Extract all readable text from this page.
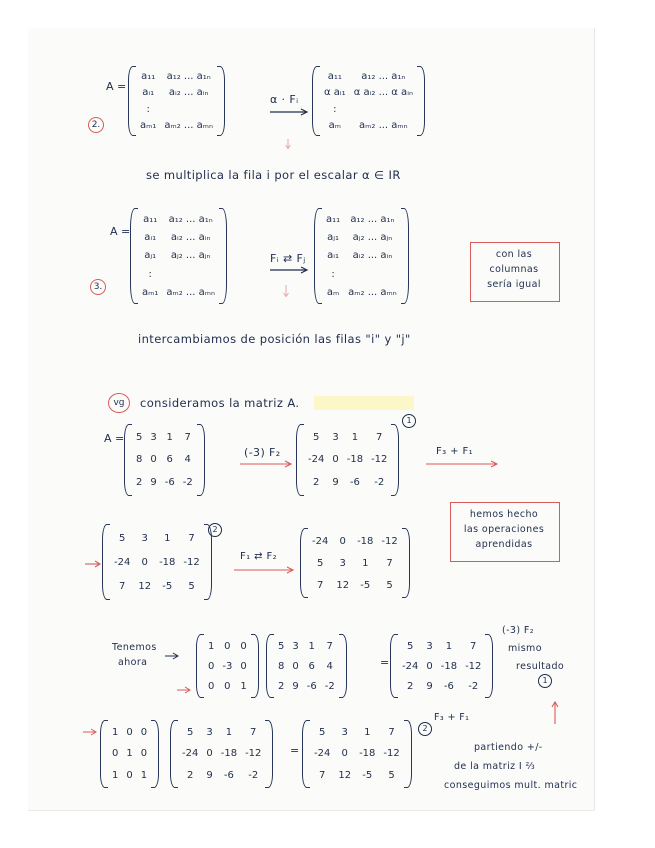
2.
A =
a₁₁ a₁₂ ... a₁ₙ
aᵢ₁ aᵢ₂ ... aᵢₙ
:
aₘ₁ aₘ₂ ... aₘₙ
α · Fᵢ
a₁₁ a₁₂ ... a₁ₙ
α aᵢ₁ α aᵢ₂ ... α aᵢₙ
:
aₘ aₘ₂ ... aₘₙ
se multiplica la fila i por el escalar α ∈ IR
3.
A =
a₁₁ a₁₂ ... a₁ₙ
aᵢ₁ aᵢ₂ ... aᵢₙ
aⱼ₁ aⱼ₂ ... aⱼₙ
:
aₘ₁ aₘ₂ ... aₘₙ
Fᵢ ⇄ Fⱼ
a₁₁ a₁₂ ... a₁ₙ
aⱼ₁ aⱼ₂ ... aⱼₙ
aᵢ₁ aᵢ₂ ... aᵢₙ
:
aₘ aₘ₂ ... aₘₙ
con las
columnas
sería igual
intercambiamos de posición las filas "i" y "j"
vg	consideramos la matriz A.
A = 5 3 1 7
8 0 6 4
2 9 -6 -2
(-3) F₂
5 3 1 7
-24 0 -18 -12
2 9 -6 -2
1
F₃ + F₁
5 3 1 7
-24 0 -18 -12
7 12 -5 5
2
F₁ ⇄ F₂
-24 0 -18 -12
5 3 1 7
7 12 -5 5
hemos hecho
las operaciones
aprendidas
Tenemos
ahora
1 0 0
0 -3 0
0 0 1
5 3 1 7
8 0 6 4
2 9 -6 -2
=
5 3 1 7
-24 0 -18 -12
2 9 -6 -2
(-3) F₂
mismo
resultado
1
1 0 0
0 1 0
1 0 1
5 3 1 7
-24 0 -18 -12
2 9 -6 -2
=
5 3 1 7
-24 0 -18 -12
7 12 -5 5
2
F₃ + F₁
partiendo +/-
de la matriz I ⅔
conseguimos mult. matric
